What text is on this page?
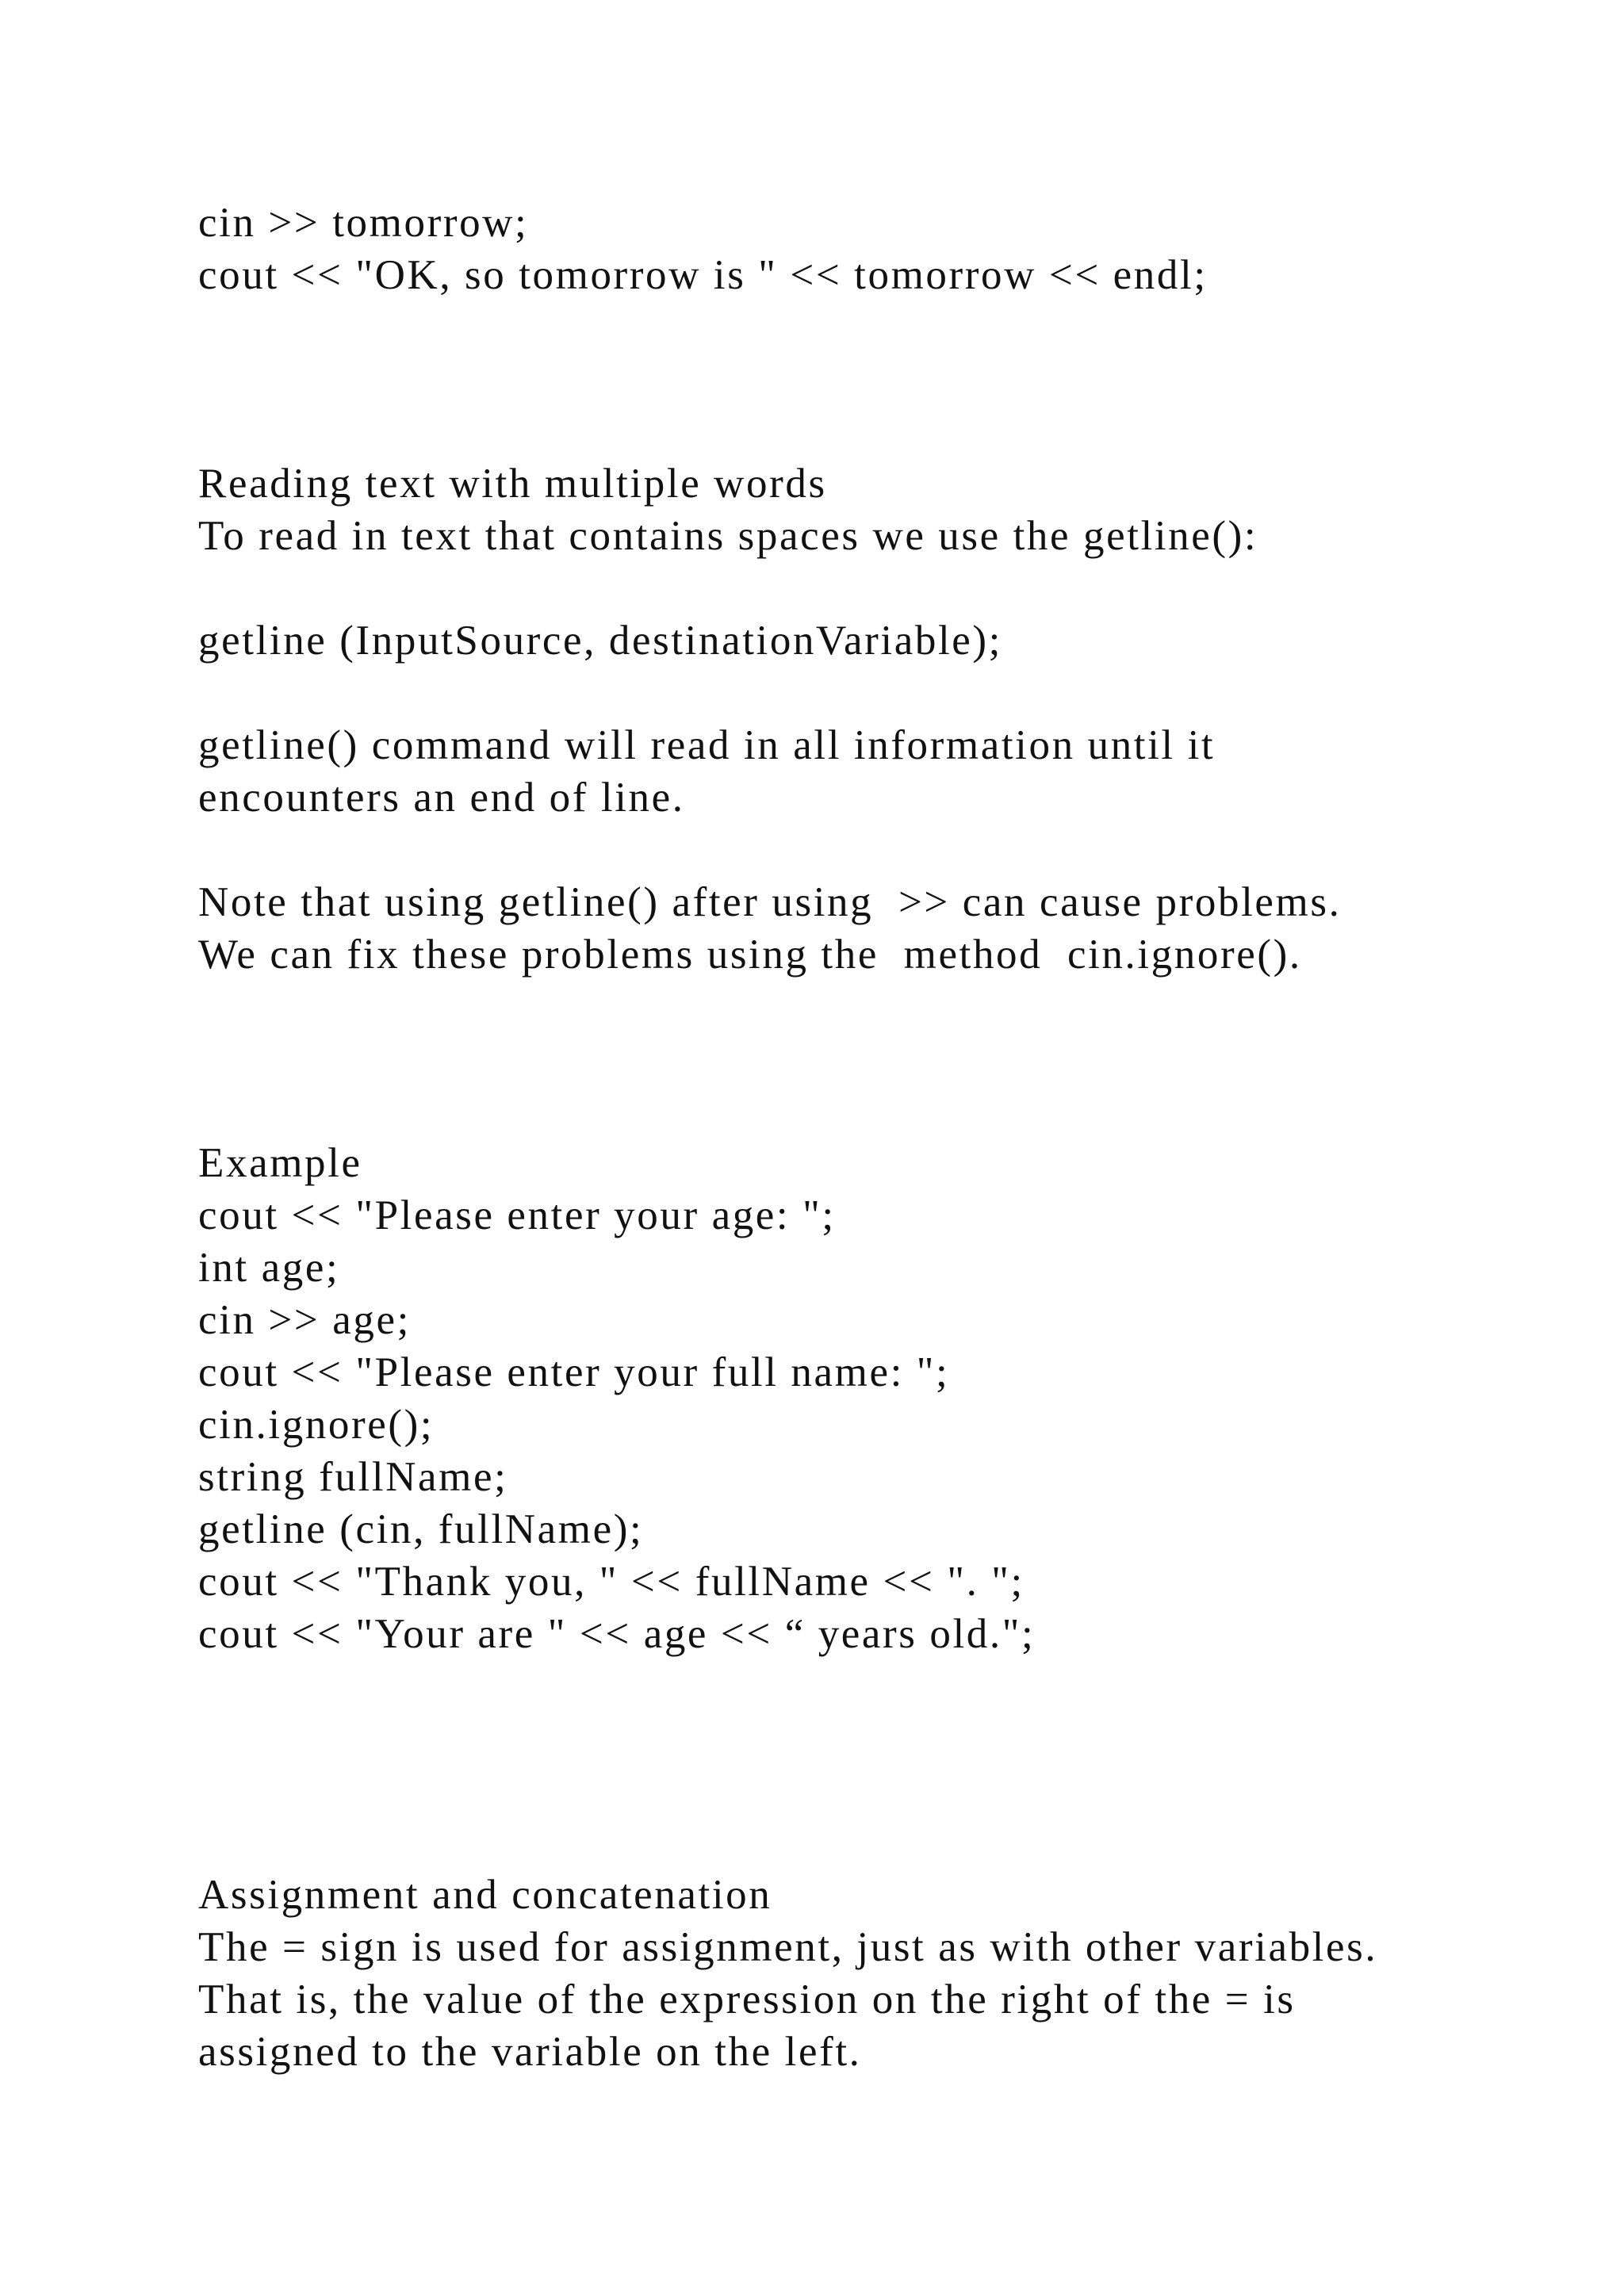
cin >> tomorrow;
cout << "OK, so tomorrow is " << tomorrow << endl;
Reading text with multiple words
To read in text that contains spaces we use the getline():
getline (InputSource, destinationVariable);
getline() command will read in all information until it
encounters an end of line.
Note that using getline() after using  >> can cause problems.
We can fix these problems using the  method  cin.ignore().
Example
cout << "Please enter your age: ";
int age;
cin >> age;
cout << "Please enter your full name: ";
cin.ignore();
string fullName;
getline (cin, fullName);
cout << "Thank you, " << fullName << ". ";
cout << "Your are " << age << “ years old.";
Assignment and concatenation
The = sign is used for assignment, just as with other variables.
That is, the value of the expression on the right of the = is
assigned to the variable on the left.
